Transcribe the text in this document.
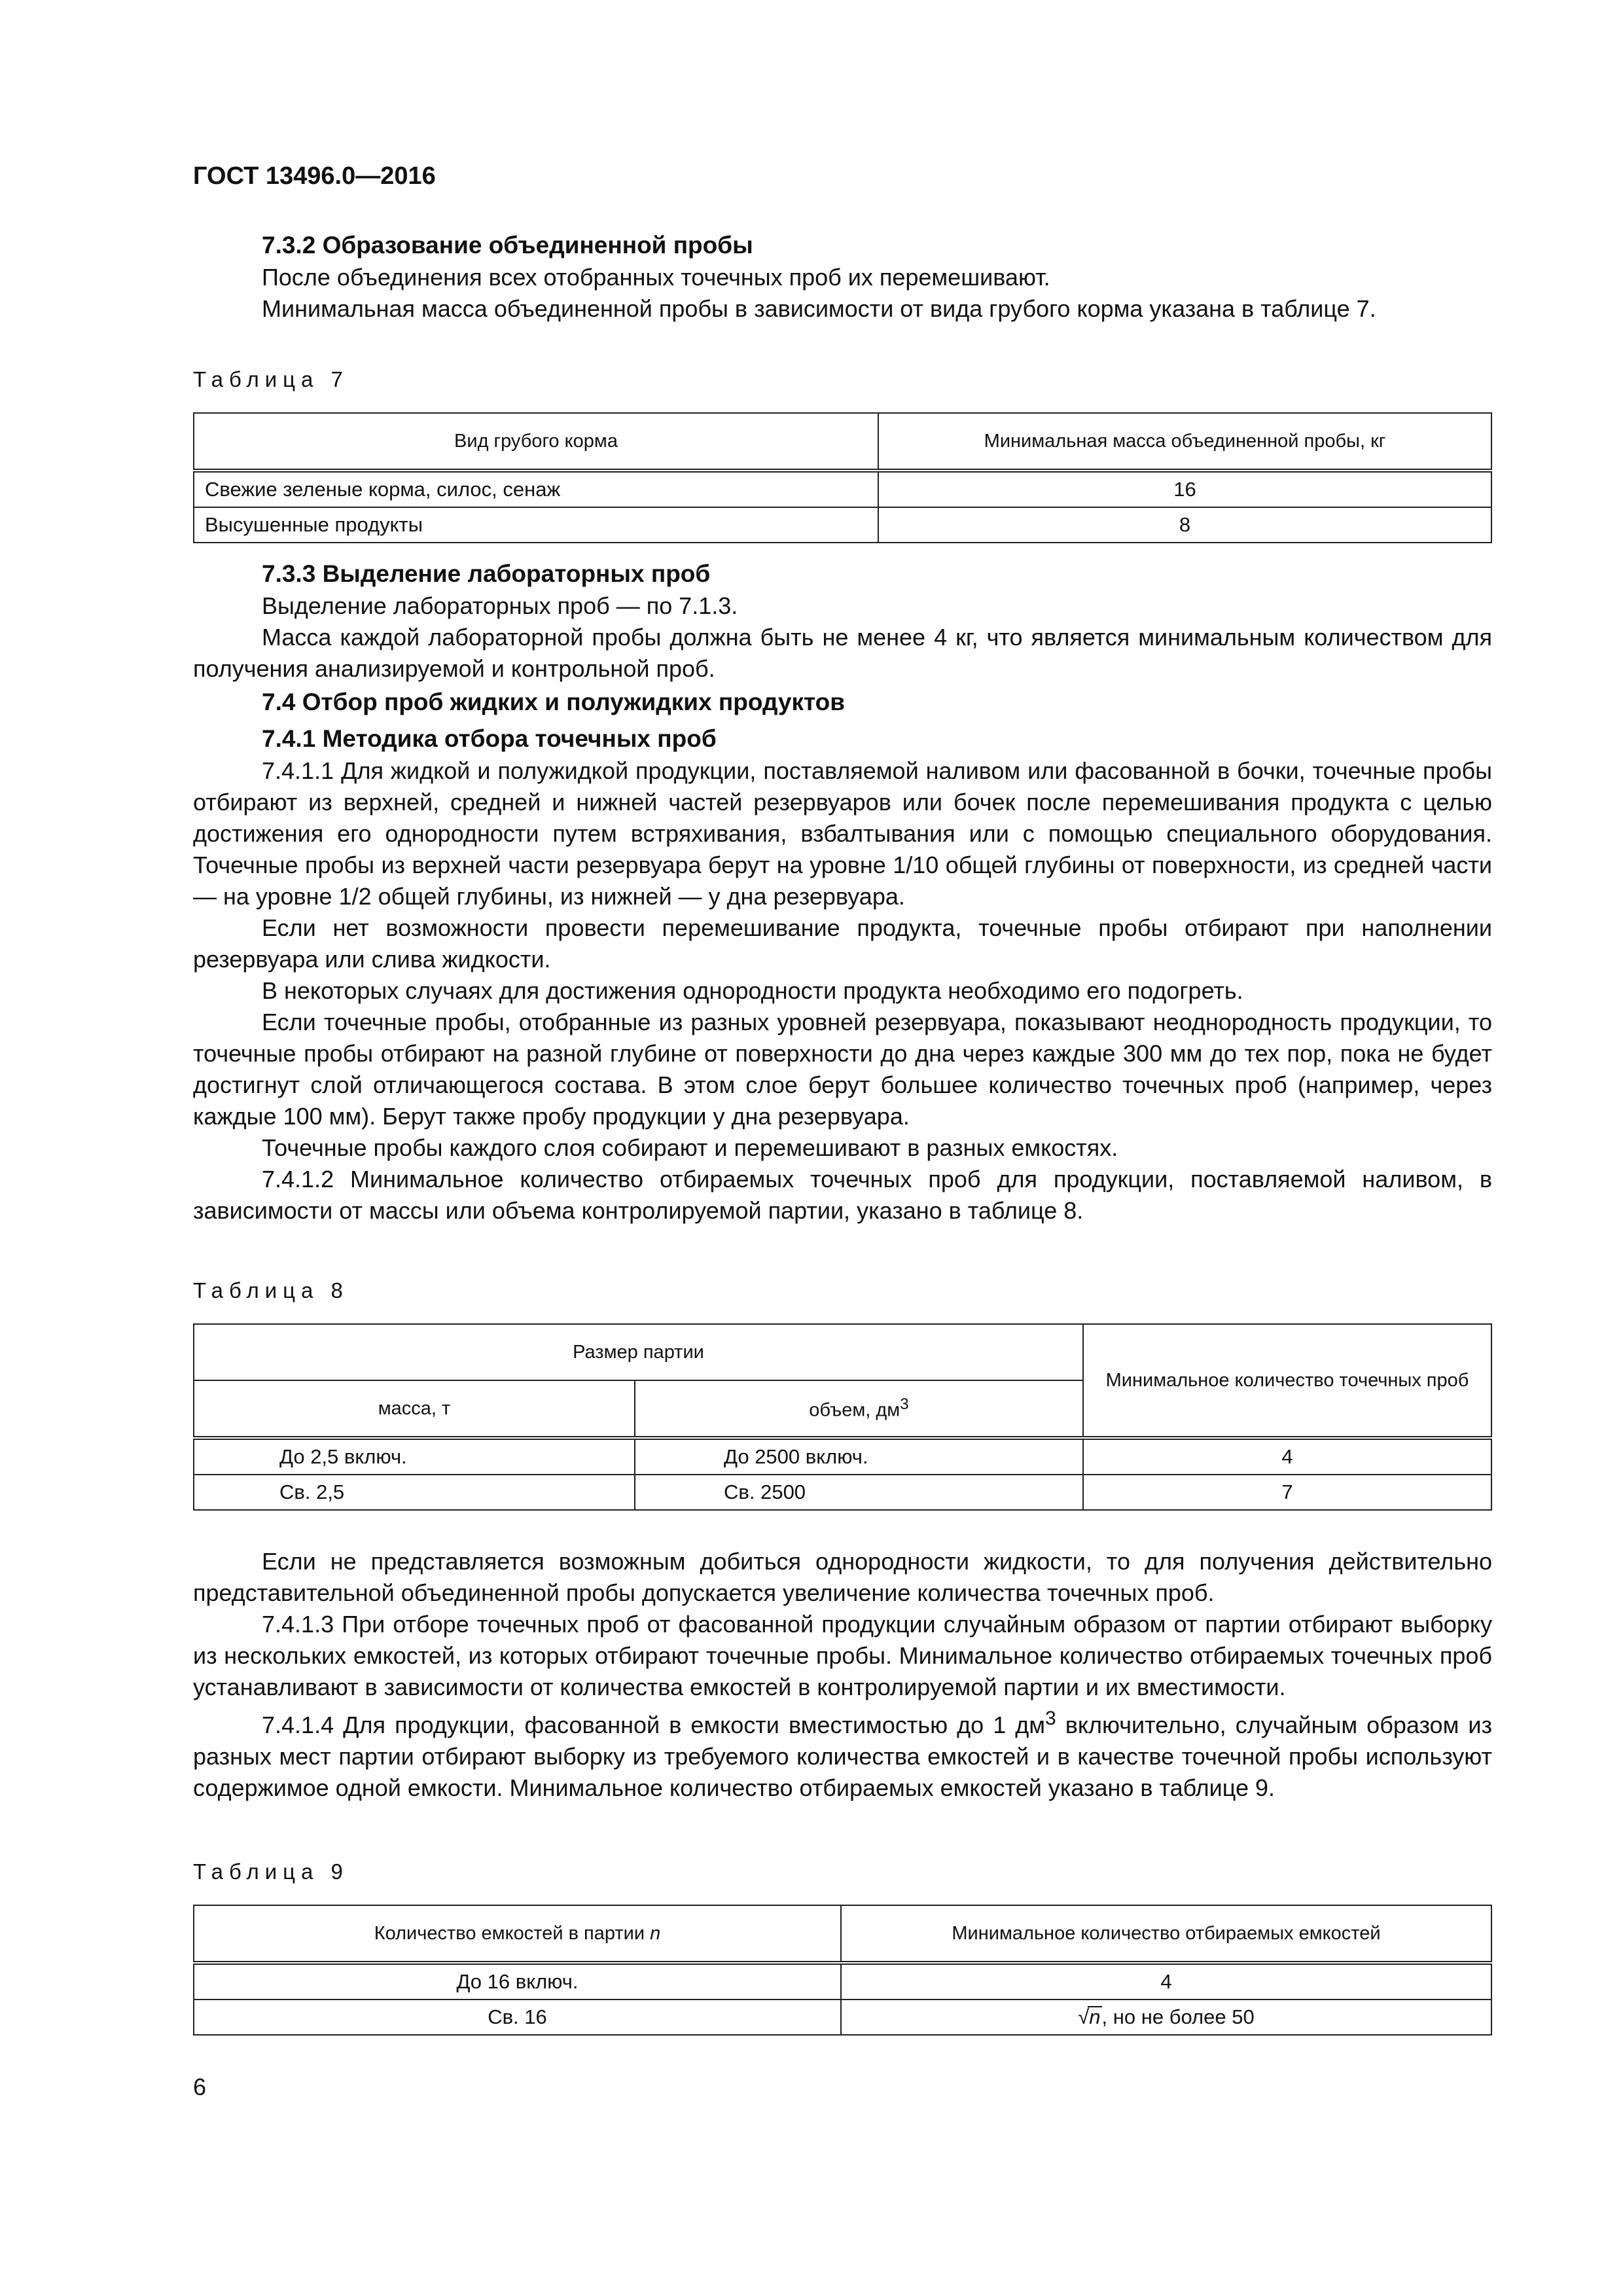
ГОСТ 13496.0—2016
7.3.2 Образование объединенной пробы

После объединения всех отобранных точечных проб их перемешивают.

Минимальная масса объединенной пробы в зависимости от вида грубого корма указана в таблице 7.

Таблица 7
Вид грубого корма	Минимальная масса объединенной пробы, кг
Свежие зеленые корма, силос, сенаж	16
Высушенные продукты	8
7.3.3 Выделение лабораторных проб

Выделение лабораторных проб — по 7.1.3.

Масса каждой лабораторной пробы должна быть не менее 4 кг, что является минимальным количеством для получения анализируемой и контрольной проб.

7.4 Отбор проб жидких и полужидких продуктов
7.4.1 Методика отбора точечных проб

7.4.1.1 Для жидкой и полужидкой продукции, поставляемой наливом или фасованной в бочки, точечные пробы отбирают из верхней, средней и нижней частей резервуаров или бочек после перемешивания продукта с целью достижения его однородности путем встряхивания, взбалтывания или с помощью специального оборудования. Точечные пробы из верхней части резервуара берут на уровне 1/10 общей глубины от поверхности, из средней части — на уровне 1/2 общей глубины, из нижней — у дна резервуара.

Если нет возможности провести перемешивание продукта, точечные пробы отбирают при наполнении резервуара или слива жидкости.

В некоторых случаях для достижения однородности продукта необходимо его подогреть.

Если точечные пробы, отобранные из разных уровней резервуара, показывают неоднородность продукции, то точечные пробы отбирают на разной глубине от поверхности до дна через каждые 300 мм до тех пор, пока не будет достигнут слой отличающегося состава. В этом слое берут большее количество точечных проб (например, через каждые 100 мм). Берут также пробу продукции у дна резервуара.

Точечные пробы каждого слоя собирают и перемешивают в разных емкостях.

7.4.1.2 Минимальное количество отбираемых точечных проб для продукции, поставляемой наливом, в зависимости от массы или объема контролируемой партии, указано в таблице 8.

Таблица 8
Размер партии		Минимальное количество точечных проб
масса, т	объем, $дм^3$
До 2,5 включ.	До 2500 включ.	4
Св. 2,5	Св. 2500	7

Если не представляется возможным добиться однородности жидкости, то для получения действительно представительной объединенной пробы допускается увеличение количества точечных проб.

7.4.1.3 При отборе точечных проб от фасованной продукции случайным образом от партии отбирают выборку из нескольких емкостей, из которых отбирают точечные пробы. Минимальное количество отбираемых точечных проб устанавливают в зависимости от количества емкостей в контролируемой партии и их вместимости.

7.4.1.4 Для продукции, фасованной в емкости вместимостью до 1 $дм^3$ включительно, случайным образом из разных мест партии отбирают выборку из требуемого количества емкостей и в качестве точечной пробы используют содержимое одной емкости. Минимальное количество отбираемых емкостей указано в таблице 9.

Таблица 9
Количество емкостей в партии n	Минимальное количество отбираемых емкостей
До 16 включ.	4
Св. 16	√n, но не более 50
6
